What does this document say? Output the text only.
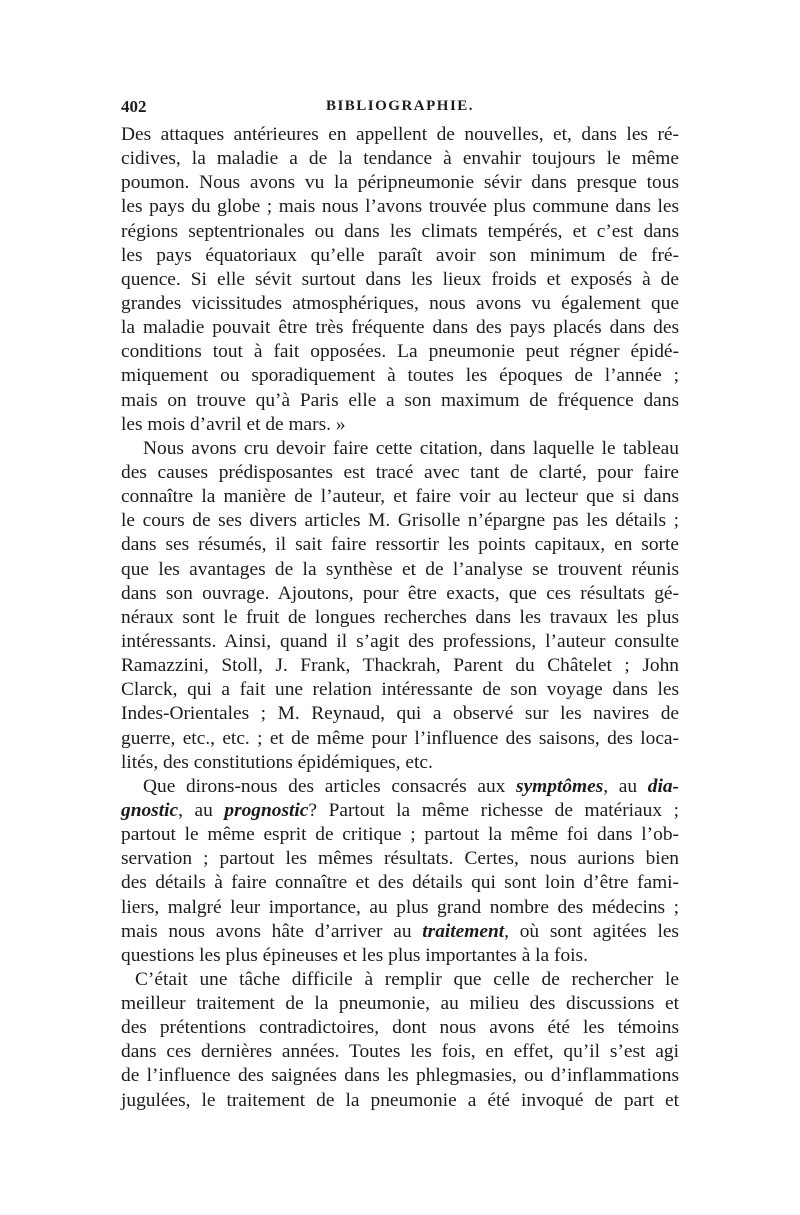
402	BIBLIOGRAPHIE.

Des attaques antérieures en appellent de nouvelles, et, dans les ré-
cidives, la maladie a de la tendance à envahir toujours le même
poumon. Nous avons vu la péripneumonie sévir dans presque tous
les pays du globe ; mais nous l’avons trouvée plus commune dans les
régions septentrionales ou dans les climats tempérés, et c’est dans
les pays équatoriaux qu’elle paraît avoir son minimum de fré-
quence. Si elle sévit surtout dans les lieux froids et exposés à de
grandes vicissitudes atmosphériques, nous avons vu également que
la maladie pouvait être très fréquente dans des pays placés dans des
conditions tout à fait opposées. La pneumonie peut régner épidé-
miquement ou sporadiquement à toutes les époques de l’année ;
mais on trouve qu’à Paris elle a son maximum de fréquence dans
les mois d’avril et de mars. »

Nous avons cru devoir faire cette citation, dans laquelle le tableau
des causes prédisposantes est tracé avec tant de clarté, pour faire
connaître la manière de l’auteur, et faire voir au lecteur que si dans
le cours de ses divers articles M. Grisolle n’épargne pas les détails ;
dans ses résumés, il sait faire ressortir les points capitaux, en sorte
que les avantages de la synthèse et de l’analyse se trouvent réunis
dans son ouvrage. Ajoutons, pour être exacts, que ces résultats gé-
néraux sont le fruit de longues recherches dans les travaux les plus
intéressants. Ainsi, quand il s’agit des professions, l’auteur consulte
Ramazzini, Stoll, J. Frank, Thackrah, Parent du Châtelet ; John
Clarck, qui a fait une relation intéressante de son voyage dans les
Indes-Orientales ; M. Reynaud, qui a observé sur les navires de
guerre, etc., etc. ; et de même pour l’influence des saisons, des loca-
lités, des constitutions épidémiques, etc.

Que dirons-nous des articles consacrés aux symptômes, au dia-
gnostic, au prognostic? Partout la même richesse de matériaux ;
partout le même esprit de critique ; partout la même foi dans l’ob-
servation ; partout les mêmes résultats. Certes, nous aurions bien
des détails à faire connaître et des détails qui sont loin d’être fami-
liers, malgré leur importance, au plus grand nombre des médecins ;
mais nous avons hâte d’arriver au traitement, où sont agitées les
questions les plus épineuses et les plus importantes à la fois.

C’était une tâche difficile à remplir que celle de rechercher le
meilleur traitement de la pneumonie, au milieu des discussions et
des prétentions contradictoires, dont nous avons été les témoins
dans ces dernières années. Toutes les fois, en effet, qu’il s’est agi
de l’influence des saignées dans les phlegmasies, ou d’inflammations
jugulées, le traitement de la pneumonie a été invoqué de part et
